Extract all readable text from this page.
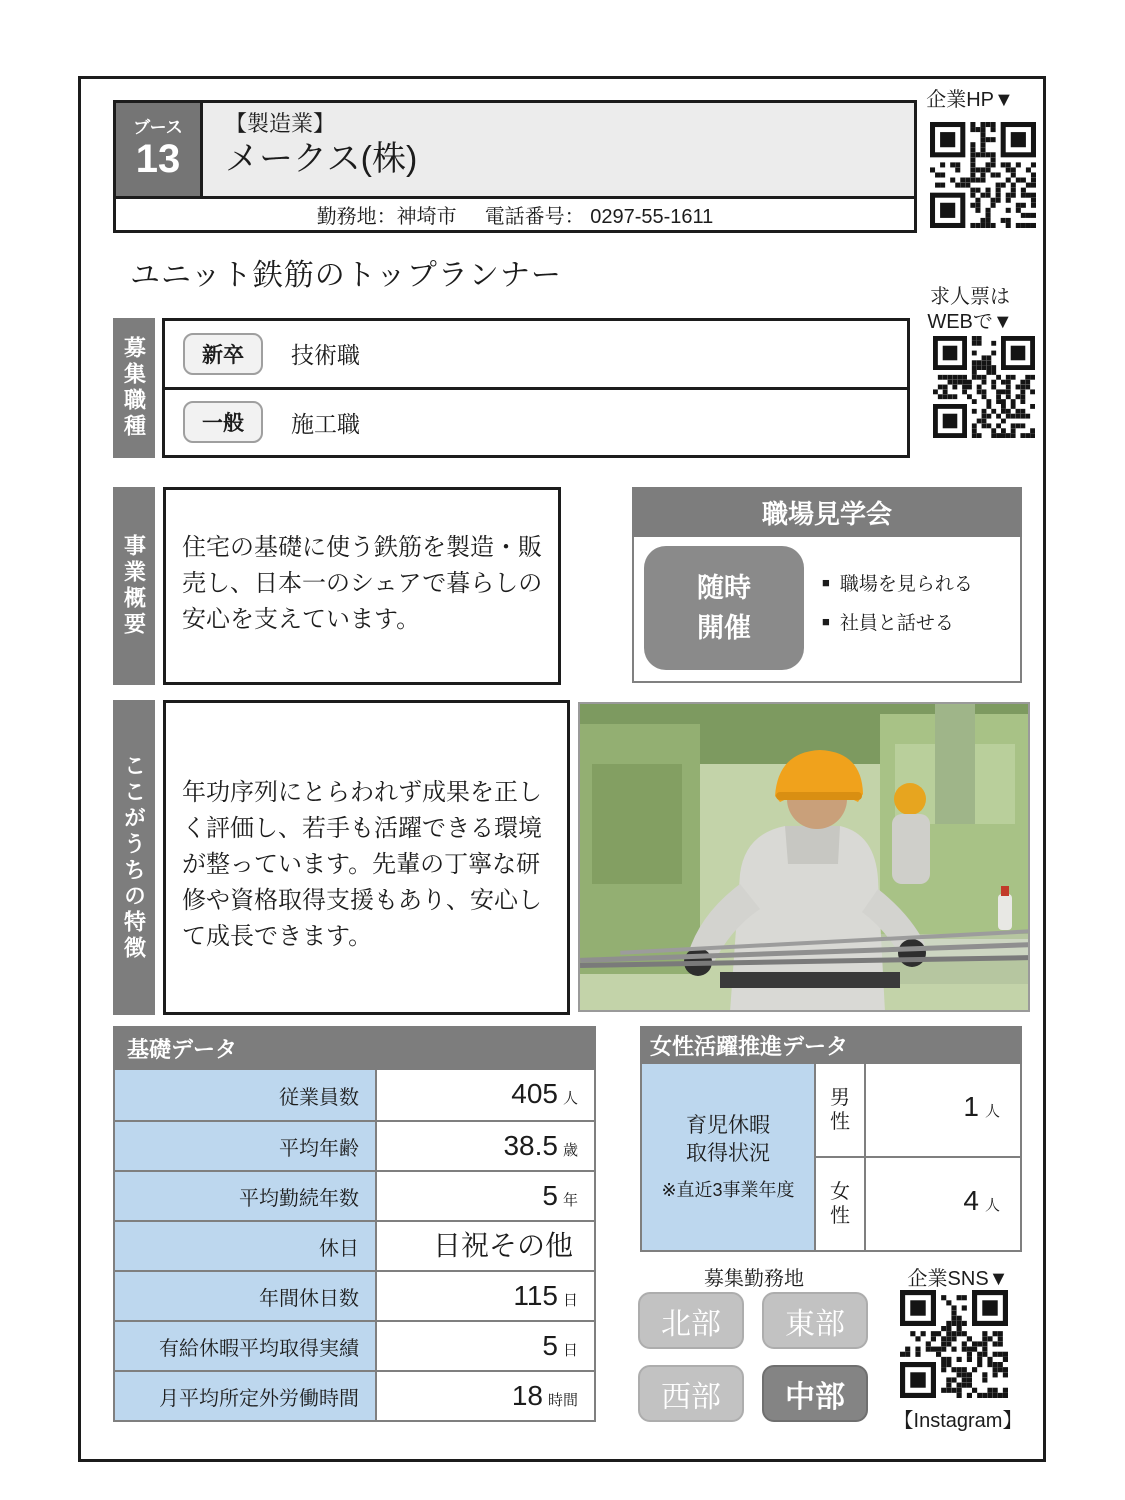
ブース
13
【製造業】
メークス(株)
勤務地：神埼市 電話番号： 0297-55-1611
企業HP▼
ユニット鉄筋のトップランナー
募集職種	新卒	技術職
一般	施工職
求人票は
WEBで▼
事業概要	住宅の基礎に使う鉄筋を製造・販売し、日本一のシェアで暮らしの安心を支えています。
職場見学会
随時
開催
■ 職場を見られる
■ 社員と話せる
ここがうちの特徴	年功序列にとらわれず成果を正しく評価し、若手も活躍できる環境が整っています。先輩の丁寧な研修や資格取得支援もあり、安心して成長できます。
基礎データ
従業員数	405 人
平均年齢	38.5 歳
平均勤続年数	5 年
休日	日祝その他
年間休日数	115 日
有給休暇平均取得実績	5 日
月平均所定外労働時間	18 時間
女性活躍推進データ
育児休暇
取得状況
※直近3事業年度
男性	1 人
女性	4 人
募集勤務地
北部	東部
西部	中部
企業SNS▼
【Instagram】
